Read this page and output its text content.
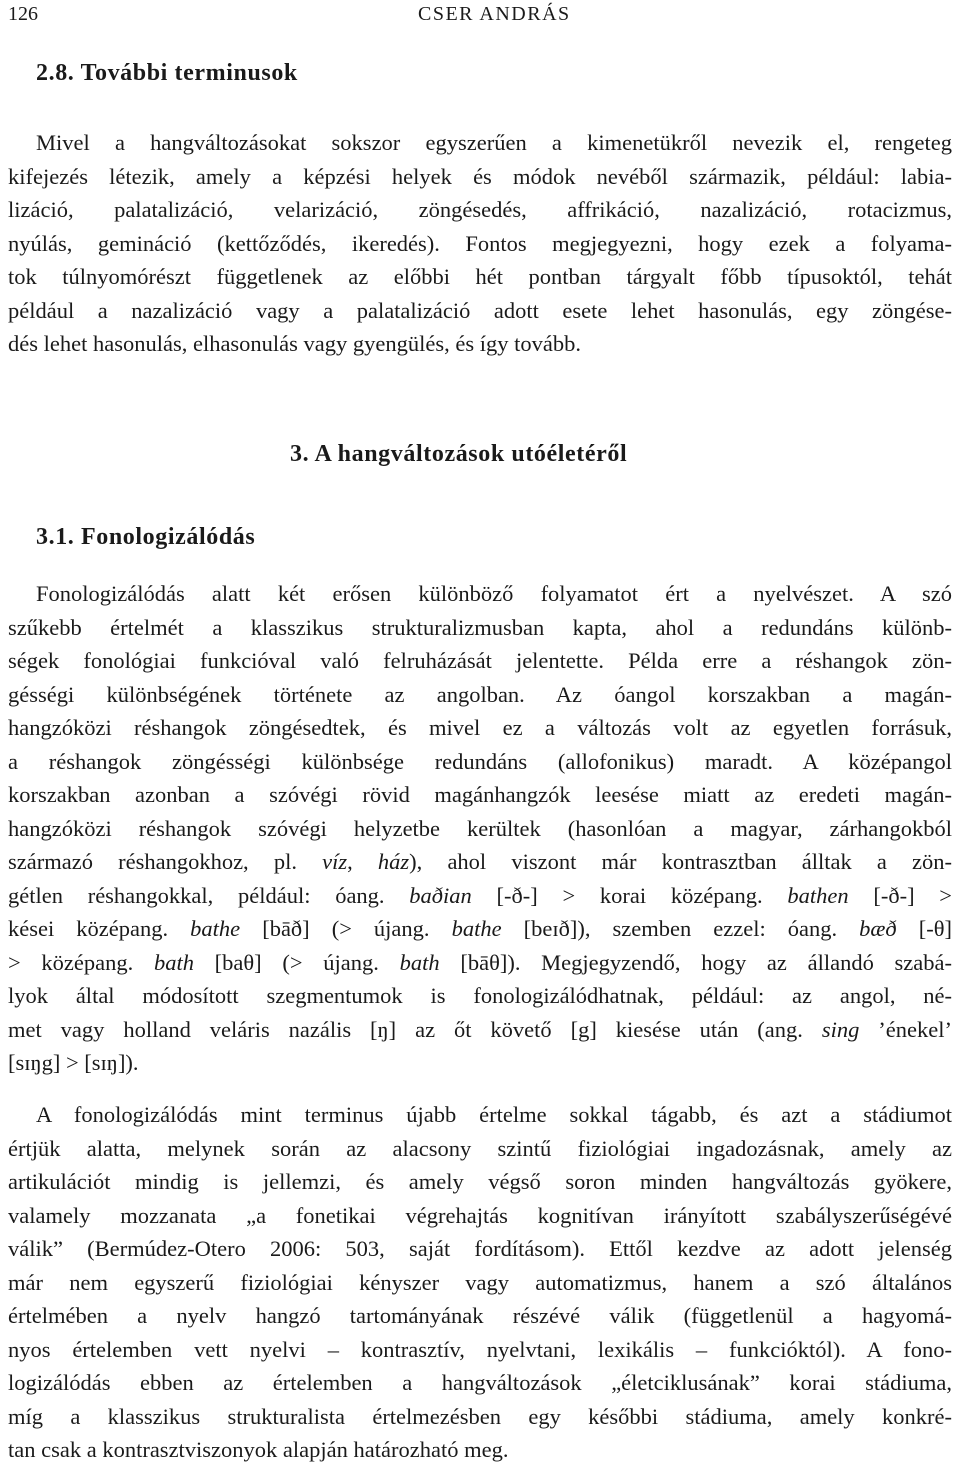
126	CSER ANDRÁS
2.8. További terminusok
Mivel a hangváltozásokat sokszor egyszerűen a kimenetükről nevezik el, rengeteg
kifejezés létezik, amely a képzési helyek és módok nevéből származik, például: labia-
lizáció, palatalizáció, velarizáció, zöngésedés, affrikáció, nazalizáció, rotacizmus,
nyúlás, gemináció (kettőződés, ikeredés). Fontos megjegyezni, hogy ezek a folyama-
tok túlnyomórészt függetlenek az előbbi hét pontban tárgyalt főbb típusoktól, tehát
például a nazalizáció vagy a palatalizáció adott esete lehet hasonulás, egy zöngése-
dés lehet hasonulás, elhasonulás vagy gyengülés, és így tovább.
3. A hangváltozások utóéletéről
3.1. Fonologizálódás
Fonologizálódás alatt két erősen különböző folyamatot ért a nyelvészet. A szó
szűkebb értelmét a klasszikus strukturalizmusban kapta, ahol a redundáns különb-
ségek fonológiai funkcióval való felruházását jelentette. Példa erre a réshangok zön-
gésségi különbségének története az angolban. Az óangol korszakban a magán-
hangzóközi réshangok zöngésedtek, és mivel ez a változás volt az egyetlen forrásuk,
a réshangok zöngésségi különbsége redundáns (allofonikus) maradt. A középangol
korszakban azonban a szóvégi rövid magánhangzók leesése miatt az eredeti magán-
hangzóközi réshangok szóvégi helyzetbe kerültek (hasonlóan a magyar, zárhangokból
származó réshangokhoz, pl. víz, ház), ahol viszont már kontrasztban álltak a zön-
gétlen réshangokkal, például: óang. baðian [-ð-] > korai középang. bathen [-ð-] >
kései középang. bathe [bāð] (> újang. bathe [beɪð]), szemben ezzel: óang. bæð [-θ]
> középang. bath [baθ] (> újang. bath [bāθ]). Megjegyzendő, hogy az állandó szabá-
lyok által módosított szegmentumok is fonologizálódhatnak, például: az angol, né-
met vagy holland veláris nazális [ŋ] az őt követő [g] kiesése után (ang. sing ’énekel’
[sɪŋg] > [sɪŋ]).
A fonologizálódás mint terminus újabb értelme sokkal tágabb, és azt a stádiumot
értjük alatta, melynek során az alacsony szintű fiziológiai ingadozásnak, amely az
artikulációt mindig is jellemzi, és amely végső soron minden hangváltozás gyökere,
valamely mozzanata „a fonetikai végrehajtás kognitívan irányított szabályszerűségévé
válik” (Bermúdez-Otero 2006: 503, saját fordításom). Ettől kezdve az adott jelenség
már nem egyszerű fiziológiai kényszer vagy automatizmus, hanem a szó általános
értelmében a nyelv hangzó tartományának részévé válik (függetlenül a hagyomá-
nyos értelemben vett nyelvi – kontrasztív, nyelvtani, lexikális – funkcióktól). A fono-
logizálódás ebben az értelemben a hangváltozások „életciklusának” korai stádiuma,
míg a klasszikus strukturalista értelmezésben egy későbbi stádiuma, amely konkré-
tan csak a kontrasztviszonyok alapján határozható meg.
